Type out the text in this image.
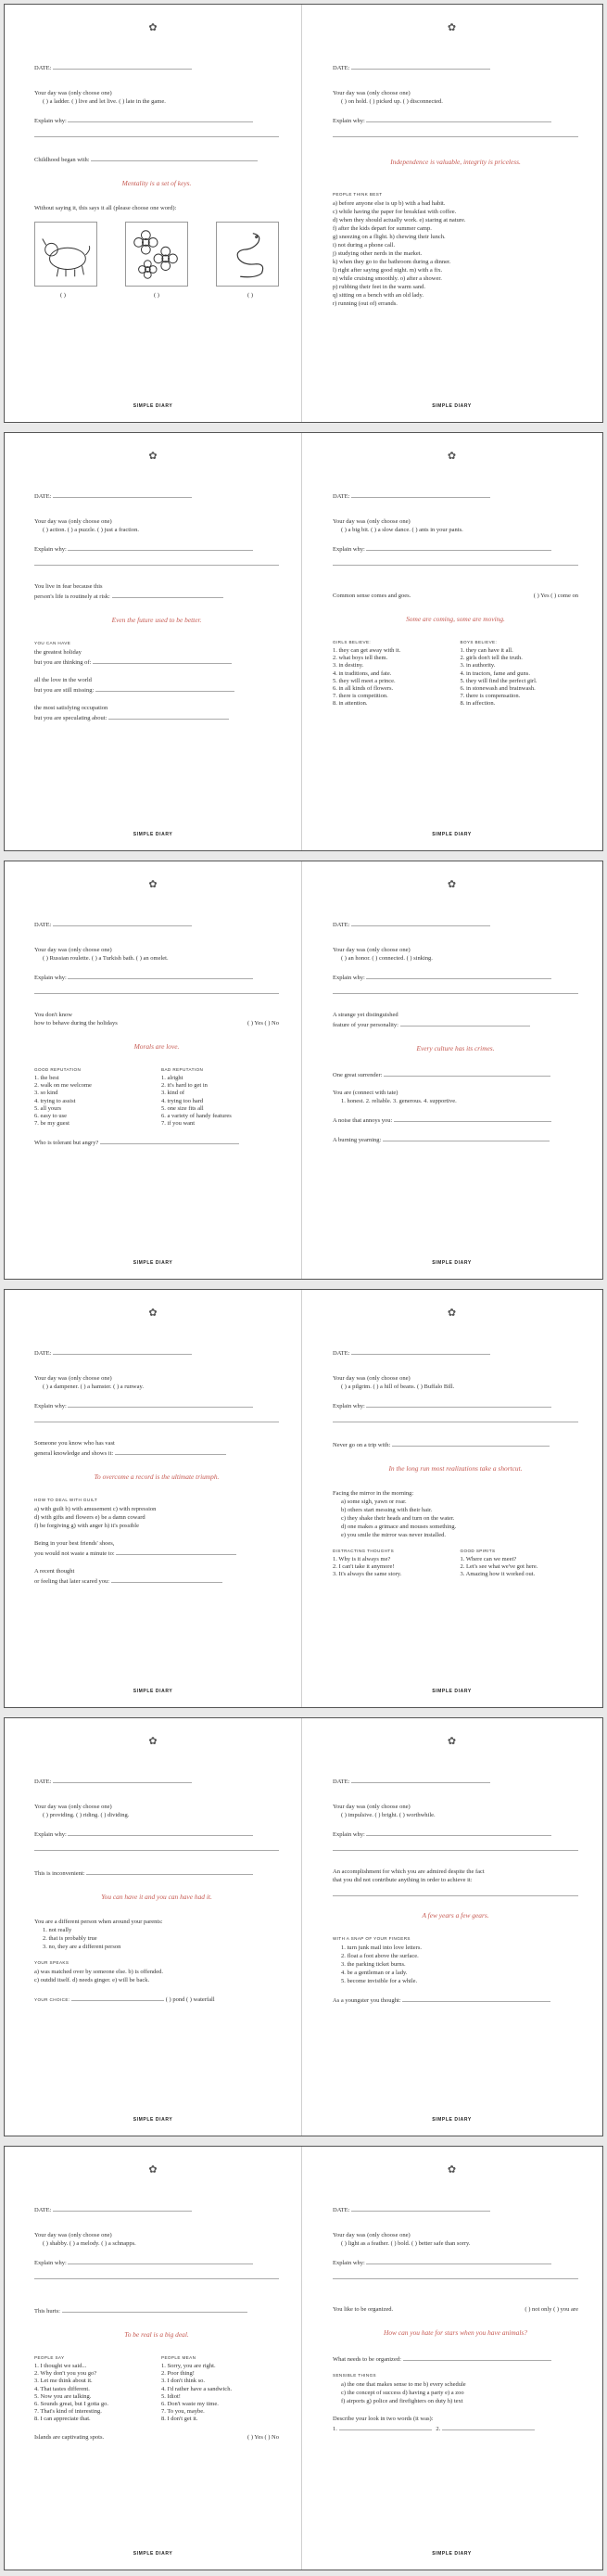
✿

DATE:

Your day was (only choose one)

( ) a ladder. ( ) live and let live. ( ) late in the game.

Explain why:

Childhood began with:

Mentality is a set of keys.

Without saying it, this says it all (please choose one word):

( )	( )	( )
SIMPLE DIARY
✿

DATE:

Your day was (only choose one)

( ) on hold. ( ) picked up. ( ) disconnected.

Explain why:

Independence is valuable, integrity is priceless.

PEOPLE THINK BEST

a) before anyone else is up b) with a bad habit.

c) while having the paper for breakfast with coffee.

d) when they should actually work. e) staring at nature.

f) after the kids depart for summer camp.

g) sneezing on a flight. h) chewing their lunch.

i) not during a phone call.

j) studying other nerds in the market.

k) when they go to the bathroom during a dinner.

l) right after saying good night. m) with a fix.

n) while cruising smoothly. o) after a shower.

p) rubbing their feet in the warm sand.

q) sitting on a bench with an old lady.

r) running (out of) errands.

SIMPLE DIARY
✿

DATE:

Your day was (only choose one)

( ) action. ( ) a puzzle. ( ) just a fraction.

Explain why:

You live in fear because this

person's life is routinely at risk:

Even the future used to be better.

YOU CAN HAVE

the greatest holiday

but you are thinking of:

all the love in the world

but you are still missing:

the most satisfying occupation

but you are speculating about:

SIMPLE DIARY
✿

DATE:

Your day was (only choose one)

( ) a big bit. ( ) a slow dance. ( ) ants in your pants.

Explain why:

Common sense comes and goes.	( ) Yes ( ) come on

Some are coming, some are moving.

GIRLS BELIEVE:

1. they can get away with it.

2. what boys tell them.

3. in destiny.

4. in traditions, and fate.

5. they will meet a prince.

6. in all kinds of flowers.

7. there is competition.

8. in attention.

BOYS BELIEVE:

1. they can have it all.

2. girls don't tell the truth.

3. in authority.

4. in tractors, fame and guns.

5. they will find the perfect girl.

6. in stonewash and brainwash.

7. there is compensation.

8. in affection.

SIMPLE DIARY
✿

DATE:

Your day was (only choose one)

( ) Russian roulette. ( ) a Turkish bath. ( ) an omelet.

Explain why:

You don't know

how to behave during the holidays	( ) Yes ( ) No

Morals are love.

GOOD REPUTATION

1. the best

2. walk on me welcome

3. so kind

4. trying to assist

5. all yours

6. easy to use

7. be my guest

BAD REPUTATION

1. alright

2. it's hard to get in

3. kind of

4. trying too hard

5. one size fits all

6. a variety of handy features

7. if you want

Who is tolerant but angry?

SIMPLE DIARY
✿

DATE:

Your day was (only choose one)

( ) an honor. ( ) connected. ( ) sinking.

Explain why:

A strange yet distinguished

feature of your personality:

Every culture has its crimes.

One great surrender:

You are (connect with tate)

1. honest. 2. reliable. 3. generous. 4. supportive.

A noise that annoys you:

A burning yearning:

SIMPLE DIARY
✿

DATE:

Your day was (only choose one)

( ) a dampener. ( ) a hamster. ( ) a runway.

Explain why:

Someone you know who has vast

general knowledge and shows it:

To overcome a record is the ultimate triumph.

HOW TO DEAL WITH GUILT

a) with guilt b) with amusement c) with repression

d) with gifts and flowers e) be a damn coward

f) be forgiving g) with anger h) it's possible

Being in your best friends' shoes,

you would not waste a minute to:

A recent thought

or feeling that later scared you:

SIMPLE DIARY
✿

DATE:

Your day was (only choose one)

( ) a pilgrim. ( ) a hill of beans. ( ) Buffalo Bill.

Explain why:

Never go on a trip with:

In the long run most realizations take a shortcut.

Facing the mirror in the morning:

a) some sigh, yawn or roar.

b) others start messing with their hair.

c) they shake their heads and turn on the water.

d) one makes a grimace and mouses something.

e) you smile the mirror was never installed.

DISTRACTING THOUGHTS

1. Why is it always me?

2. I can't take it anymore!

3. It's always the same story.

GOOD SPIRITS

1. Where can we meet?

2. Let's see what we've got here.

3. Amazing how it worked out.

SIMPLE DIARY
✿

DATE:

Your day was (only choose one)

( ) providing. ( ) riding. ( ) dividing.

Explain why:

This is inconvenient:

You can have it and you can have had it.

You are a different person when around your parents:

1. not really

2. that is probably true

3. no, they are a different person

YOUR SPEAKS

a) was matched over by someone else. b) is offended.

c) outdid itself. d) needs ginger. e) will be back.

YOUR CHOICE:	( ) pond ( ) waterfall

SIMPLE DIARY
✿

DATE:

Your day was (only choose one)

( ) impulsive. ( ) bright. ( ) worthwhile.

Explain why:

An accomplishment for which you are admired despite the fact

that you did not contribute anything in order to achieve it:

A few years a few gears.

WITH A SNAP OF YOUR FINGERS

1. turn junk mail into love letters.

2. float a foot above the surface.

3. the parking ticket burns.

4. be a gentleman or a lady.

5. become invisible for a while.

As a youngster you thought:

SIMPLE DIARY
✿

DATE:

Your day was (only choose one)

( ) shabby. ( ) a melody. ( ) a schnapps.

Explain why:

This hurts:

To be real is a big deal.

PEOPLE SAY

1. I thought we said...

2. Why don't you you go?

3. Let me think about it.

4. That tastes different.

5. Now you are talking.

6. Sounds great, but I gotta go.

7. That's kind of interesting.

8. I can appreciate that.

PEOPLE MEAN

1. Sorry, you are right.

2. Poor thing!

3. I don't think so.

4. I'd rather have a sandwich.

5. Idiot!

6. Don't waste my time.

7. To you, maybe.

8. I don't get it.

Islands are captivating spots.	( ) Yes ( ) No

SIMPLE DIARY
✿

DATE:

Your day was (only choose one)

( ) light as a feather. ( ) bold. ( ) better safe than sorry.

Explain why:

You like to be organized.	( ) not only ( ) you are

How can you hate for stars when you have animals?

What needs to be organized:

SENSIBLE THINGS

a) the one that makes sense to me b) every schedule

c) the concept of success d) having a party e) a zoo

f) airports g) police and firefighters on duty h) text

Describe your look in two words (it was):

1.	2.

SIMPLE DIARY
